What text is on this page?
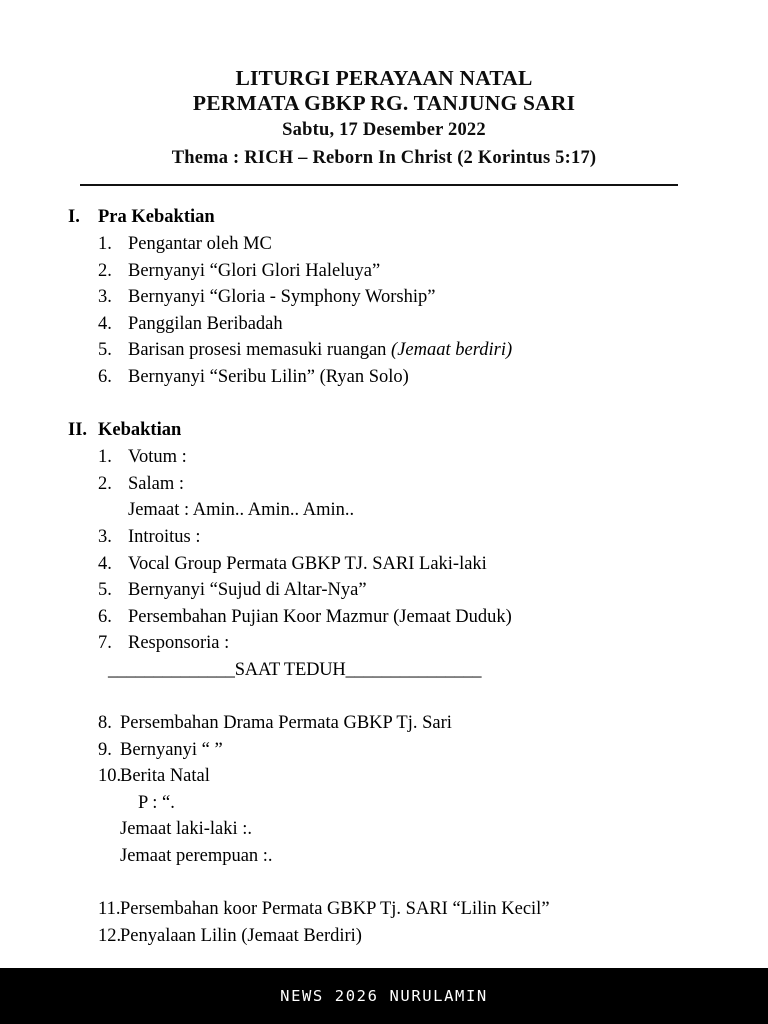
LITURGI PERAYAAN NATAL
PERMATA GBKP RG. TANJUNG SARI
Sabtu, 17 Desember 2022
Thema : RICH – Reborn In Christ (2 Korintus 5:17)
I. Pra Kebaktian
1. Pengantar oleh MC
2. Bernyanyi “Glori Glori Haleluya”
3. Bernyanyi “Gloria - Symphony Worship”
4. Panggilan Beribadah
5. Barisan prosesi memasuki ruangan (Jemaat berdiri)
6. Bernyanyi “Seribu Lilin” (Ryan Solo)
II. Kebaktian
1. Votum :
2. Salam :
Jemaat : Amin.. Amin.. Amin..
3. Introitus :
4. Vocal Group Permata GBKP TJ. SARI Laki-laki
5. Bernyanyi “Sujud di Altar-Nya”
6. Persembahan Pujian Koor Mazmur (Jemaat Duduk)
7. Responsoria :
______________SAAT TEDUH_______________
8. Persembahan Drama Permata GBKP Tj. Sari
9. Bernyanyi “ ”
10.
Berita Natal
P : “.
Jemaat laki-laki :.
Jemaat perempuan :.
11. Persembahan koor Permata GBKP Tj. SARI “Lilin Kecil”
12.
Penyalaan Lilin (Jemaat Berdiri)
NEWS 2026 NURULAMIN
